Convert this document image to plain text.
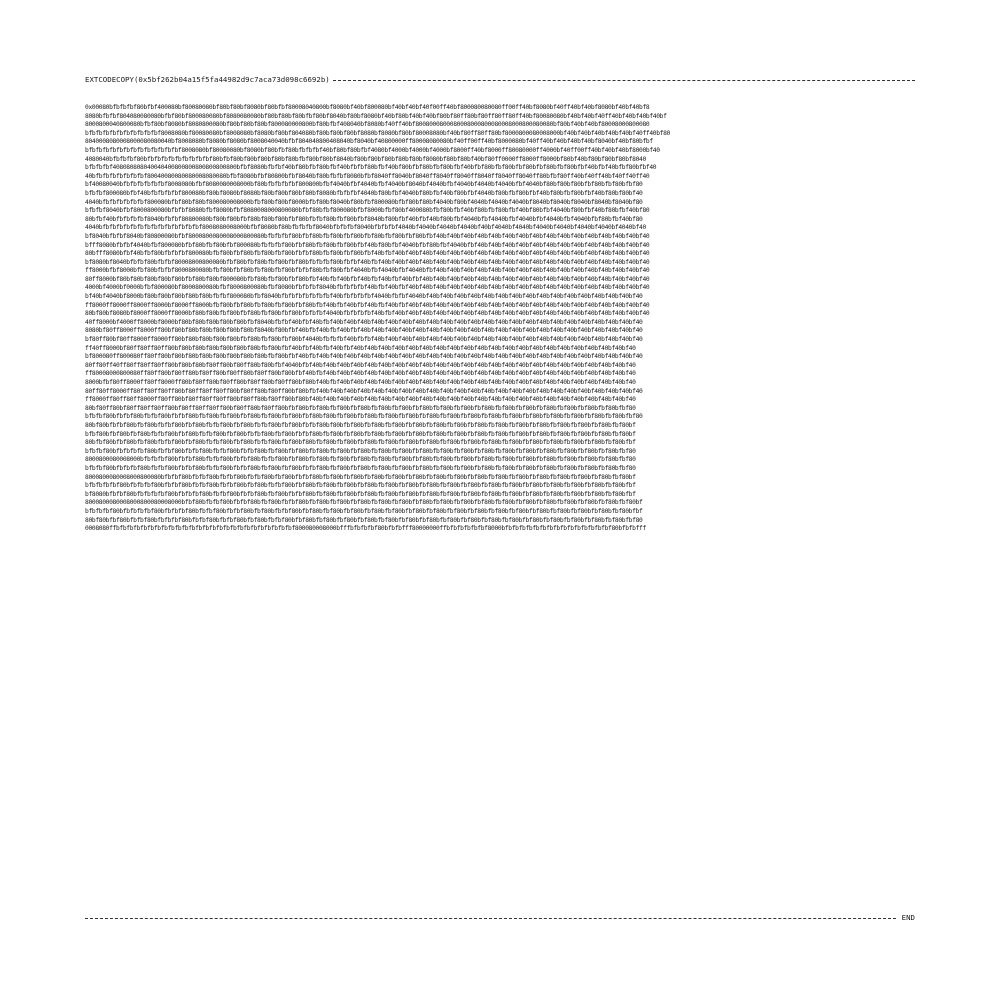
EXTCODECOPY(0x5bf262b04a15f5fa44982d9c7aca73d098c6692b)
0x00080bfbfbfbf80bfbf400080bf80080080bf80bf80bf8080bf80bfbf80008040800bf8080bf40bf800080bf40bf40bf40f00ff40bf800080080080ff00ff40bf8080bf40ff40bf40bf8080bf40bf40bf8
8080bfbfbf804080080080bfbf80bf800080080bf8080080080bf80bf80bf80bfbf80bf8040bf80bf8080bf40bf80bf40bf40bf80bf80ff80bf80ff80ff80ff40bf80080080bf40bf40bf40ff40bf40bf40bf40bf
8000800040800080bfbf80bf8080bf8080800080bf80bf80bf80bf800080000800bf80bfbf408040bf8080bf40ff40bf8008000800080008000800080008000800080080bf80bf40bf40bf80008000800080
bfbfbfbfbfbfbfbfbfbfbf8008080bf80080080bf8008080bf8080bf80bf804080bf80bf80bf80bf8080bf8080bf80bf80008080bf40bf80ff80ff80bf8000800080008000bf40bf40bf40bf40bf40bf40ff40bf80
8040008080008000080080040bf8008080bf8080bf8080bf8008040040bfbf804040800408040bf8040bf40800000ff80008080080bf40ff00ff40bf8000080bf40ff40bf40bf40bf40bf8040bf40bf80bfbf
bfbfbfbfbfbfbfbfbfbfbfbfbfbf8008080bf80080080bf8080bf80bfbf80bfbfbfbf40bf80bf80bfbf4080bf4000bf4000bf4000bf8000ff40bf8000ff80080000ff4000bf40ff00ff40bf40bf40bf8000bf40
4080040bfbfbfbf80bfbfbfbfbfbfbfbfbfbf80bfbf80bf80bf80bf80bf80bfbf80bf80bf8040bf80bf80bf80bf80bf80bf8080bf80bf80bf40bf80ff0000ff8000ff8000bf80bf40bf80bf80bf80bf8040
bfbfbfbf408080808040040400800800800800800800bfbf8080bfbfbf40bf80bfbf80bfbf40bfbfbf80bfbf40bf80bfbf80bfbf80bfbf40bfbf80bfbf80bfbf80bfbf80bfbf80bfbf40bfbf40bfbf80bfbf40
40bfbfbfbfbfbfbfbf80040080080080008080080bfbf8080bfbf80800bfbf8040bf80bfbfbf8080bfbf8040ff8040bf8040ff8040ff8040ff8040ff8040ff8040ff80bfbf80ff40bf40ff40bf40ff40ff40
bf40080040bfbfbfbfbfbfbf8008080bfbf8080080008000bf80bfbfbfbfbf800800bfbf4040bfbf4040bfbf4040bf8040bf4040bfbf4040bf4040bf4040bfbf4040bf80bf80bf80bfbf80bfbf80bfbf80
bfbfbf800080bfbf40bfbfbfbfbf800080bf80bf8080bf8080bf80bf80bf80bf80bf8080bfbfbfbf4040bf80bfbf4040bf80bfbf40bf80bfbf4040bf80bfbf80bfbf40bf80bfbf80bfbf40bf80bf80bf40
4040bfbfbfbfbfbfbf800080bfbf80bf80bf800080008000bfbf80bf80bf8000bfbf80bf8040bf80bfbf800080bfbf80bf80bf4040bf80bf4040bf4040bf4040bf8040bf8040bf8040bf8040bf8040bf80
bfbfbf8040bfbf8000800080bfbfbf8080bfbf8080bfbf8080008000800080bfbf80bfbf800080bfbf8000bfbf80bf400080bfbf80bfbf40bf80bfbf80bfbf40bf80bfbf4040bf80bfbf40bf80bfbf40bf80
80bfbf40bfbfbfbfbf8040bfbfbf80800080bf80bf80bfbf80bf80bf80bfbf80bfbfbf80bfbf80bfbf8040bf80bfbf40bfbf40bf80bfbf4040bfbf4040bfbf4040bfbf4040bfbf4040bfbf80bfbf40bf80
4040bfbfbfbfbfbfbfbfbfbfbfbfbfbfbf8008080008000bfbf8080bf80bfbfbfbf8040bfbfbfbf8040bfbfbfbf4040bf4040bf4040bf4040bf40bf4040bf4040bf4040bf4040bf4040bf4040bf4040bf40
bf8040bfbfbf8040bf80800080bfbf8000800080008000800080bfbfbfbf80bfbf80bfbf80bfbf80bfbf80bfbf80bfbf80bfbf40bf40bf40bf40bf40bf40bf40bf40bf40bf40bf40bf40bf40bf40bf40bf40
bfff8080bfbfbf4040bfbf800080bfbf80bfbf80bfbf800080bfbfbfbf80bfbf80bfbf80bfbf80bfbf40bf80bfbf4040bfbf80bfbf4040bfbf40bf40bf40bf40bf40bf40bf40bf40bf40bf40bf40bf40bf40
80bfff8080bfbf40bfbf80bfbfbfbf800080bfbf80bfbf80bfbf80bfbf80bfbfbf80bfbf80bfbf80bfbf40bfbf40bf40bf40bf40bf40bf40bf40bf40bf40bf40bf40bf40bf40bf40bf40bf40bf40bf40bf40
bf8080bf8040bfbfbf80bfbfbf80008000800080bfbf80bfbf80bfbf80bfbf80bfbfbfbf80bfbfbf40bfbf40bf40bf40bf40bf40bf40bf40bf40bf40bf40bf40bf40bf40bf40bf40bf40bf40bf40bf40bf40
ff8000bfbf8000bfbf80bfbfbf8000800080bfbf80bfbf80bfbf80bfbf80bfbfbf80bfbf80bfbf4040bfbf4040bfbf4040bfbf40bf40bf40bf40bf40bf40bf40bf40bf40bf40bf40bf40bf40bf40bf40bf40
80ff8000bf80bf80bf80bf80bf80bfbf80bf80bf800080bfbf80bfbf80bfbf80bfbf40bfbf40bfbf40bfbf40bfbf40bfbf40bf40bf40bf40bf40bf40bf40bf40bf40bf40bf40bf40bf40bf40bf40bf40bf40
4000bf4000bf0000bfbf800080bf8000800080bfbf8000800080bfbf8080bfbfbfbf8040bfbfbfbfbf40bfbf40bfbf40bf40bf40bf40bf40bf40bf40bf40bf40bf40bf40bf40bf40bf40bf40bf40bf40bf40
bf40bf4040bf8000bf80bf80bf80bf80bf80bfbfbf800080bfbf8040bfbfbfbfbfbfbfbf40bfbfbfbfbf4040bfbfbf4040bf40bf40bf40bf40bf40bf40bf40bf40bf40bf40bf40bf40bf40bf40bf40bf40
ff8000ff8000ff8000ff8000bf8000ff8000bfbf80bfbf80bfbf80bfbf80bfbf80bfbf40bfbf40bfbf40bfbf40bfbf40bf40bf40bf40bf40bf40bf40bf40bf40bf40bf40bf40bf40bf40bf40bf40bf40bf40
80bf80bf8080bf8000ff8000ff8000bf80bf80bfbf80bfbf80bfbf80bfbf80bfbfbfbf4040bfbfbfbfbf40bfbf40bf40bf40bf40bf40bf40bf40bf40bf40bf40bf40bf40bf40bf40bf40bf40bf40bf40bf40
40ff8000bf4000ff8000bf8000bf80bf80bf80bf80bf80bfbf8040bfbfbf40bfbf40bfbf40bf40bf40bf40bf40bf40bf40bf40bf40bf40bf40bf40bf40bf40bf40bf40bf40bf40bf40bf40bf40bf40bf40
8080bf80ff8000ff8000ff80bf80bf80bf80bf80bf80bf80bf8040bf80bfbf40bfbf40bfbf40bfbf40bf40bf40bf40bf40bf40bf40bf40bf40bf40bf40bf40bf40bf40bf40bf40bf40bf40bf40bf40bf40
bf80ff80bf80ff8000ff8000ff80bf80bf80bf80bf80bfbf80bfbf80bfbf80bf4040bfbfbfbf40bfbfbf40bf40bf40bf40bf40bf40bf40bf40bf40bf40bf40bf40bf40bf40bf40bf40bf40bf40bf40bf40
ff40ff8000bf80ff80ff80ff80bf80bf80bf80bf80bf80bf80bfbf80bfbf40bfbf40bfbf40bfbf40bf40bf40bf40bf40bf40bf40bf40bf40bf40bf40bf40bf40bf40bf40bf40bf40bf40bf40bf40bf40
bf800080ff800080ff80ff80bf80bf80bf80bf80bf80bf80bf80bfbf80bfbf40bfbf40bf40bf40bf40bf40bf40bf40bf40bf40bf40bf40bf40bf40bf40bf40bf40bf40bf40bf40bf40bf40bf40bf40bf40
80ff80ff40ff80ff80ff80ff80bf80bf80bf80ff80bf80ff80bf80bfbf4040bfbf40bf40bf40bf40bf40bf40bf40bf40bf40bf40bf40bf40bf40bf40bf40bf40bf40bf40bf40bf40bf40bf40bf40bf40
ff80008000800080ff80ff80bf80ff80bf80ff80bf80ff80bf80ff80bf80bfbf40bfbf40bf40bf40bf40bf40bf40bf40bf40bf40bf40bf40bf40bf40bf40bf40bf40bf40bf40bf40bf40bf40bf40bf40
8000bfbf80ff8000ff80ff8000ff80bf80ff80bf80ff80bf80ff80bf80ff80bf80bf40bfbf40bf40bf40bf40bf40bf40bf40bf40bf40bf40bf40bf40bf40bf40bf40bf40bf40bf40bf40bf40bf40bf40
80ff80ff8000ff80ff80ff80ff80bf80ff80ff80ff80bf80ff80bf80ff80bf80bfbf40bf40bf40bf40bf40bf40bf40bf40bf40bf40bf40bf40bf40bf40bf40bf40bf40bf40bf40bf40bf40bf40bf40bf40
ff8000ff80ff80ff8000ff80ff80bf80ff80ff80ff80bf80ff80bf80ff80bf80bf40bf40bf40bf40bf40bf40bf40bf40bf40bf40bf40bf40bf40bf40bf40bf40bf40bf40bf40bf40bf40bf40bf40bf40
80bf80ff80bf80ff80ff80ff80bf80ff80ff80ff80bf80ff80bf80ff80bfbf80bfbf80bfbf80bfbf80bfbf80bfbf80bfbf80bfbf80bfbf80bfbf80bfbf80bfbf80bfbf80bfbf80bfbf80bfbf80bfbf80
bfbfbf80bfbfbf80bfbfbf80bfbfbf80bfbf80bfbf80bfbf80bfbf80bfbf80bfbf80bf80bfbf80bfbf80bfbf80bfbf80bfbf80bfbf80bfbf80bfbf80bfbf80bfbf80bfbf80bfbf80bfbf80bfbf80bfbf80
80bf80bfbfbf80bfbf80bfbfbf80bfbf80bfbfbf80bfbf80bfbfbf80bfbf80bfbfbf80bf80bfbf80bfbf80bfbf80bfbf80bfbf80bfbf80bfbf80bfbf80bfbf80bfbf80bfbf80bfbf80bfbf80bfbf80bf
bfbf80bfbf80bfbf80bfbfbf80bfbf80bfbfbf80bfbf80bfbfbf80bfbf80bfbfbf80bfbf80bfbf80bfbf80bfbf80bfbf80bfbf80bfbf80bfbf80bfbf80bfbf80bfbf80bfbf80bfbf80bfbf80bfbf80bf
80bfbf80bfbf80bfbf80bfbfbf80bfbf80bfbfbf80bfbf80bfbfbf80bfbf80bf80bfbf80bfbf80bfbf80bfbf80bfbf80bfbf80bfbf80bfbf80bfbf80bfbf80bfbf80bfbf80bfbf80bfbf80bfbf80bfbf
bfbfbf80bfbfbfbfbf80bfbfbf80bfbfbf80bfbfbf80bfbfbf80bfbf80bfbf80bfbf80bfbf80bfbf80bfbf80bfbf80bfbf80bfbf80bfbf80bfbf80bfbf80bfbf80bfbf80bfbf80bfbf80bfbf80bfbf80
8000800080008000bfbfbfbf80bfbfbf80bfbfbf80bfbfbf80bfbfbf80bfbf80bfbf80bfbf80bfbf80bfbf80bfbf80bfbf80bfbf80bfbf80bfbf80bfbf80bfbf80bfbf80bfbf80bfbf80bfbf80bfbf80
bfbfbf80bfbfbfbf80bfbfbf80bfbfbf80bfbfbf80bfbfbf80bfbf80bfbf80bfbfbf80bfbf80bfbf80bfbf80bfbf80bfbf80bfbf80bfbf80bfbf80bfbf80bfbf80bfbf80bfbf80bfbf80bfbf80bfbf80
8000800080008000800080bfbfbf80bfbfbf80bfbfbf80bfbfbf80bfbf80bfbfbf80bfbf80bfbf80bfbf80bfbf80bfbf80bfbf80bfbf80bfbf80bfbf80bfbf80bfbf80bfbf80bfbf80bfbf80bfbf80bf
bfbfbfbfbf80bfbfbfbf80bfbfbf80bfbfbf80bfbfbf80bfbf80bfbfbf80bfbf80bfbf80bfbf80bfbf80bfbf80bfbf80bfbf80bfbf80bfbf80bfbf80bfbf80bfbf80bfbf80bfbf80bfbf80bfbf80bfbf
bf8080bfbfbf80bfbfbfbfbf80bfbfbfbf80bfbfbf80bfbfbf80bfbf80bfbfbf80bfbf80bfbf80bfbf80bfbf80bfbf80bfbf80bfbf80bfbf80bfbf80bfbf80bfbf80bfbf80bfbf80bfbf80bfbf80bfbf
8000800080008000800080008000bfbf80bfbfbf80bfbfbf80bfbf80bfbfbf80bfbf80bfbf80bfbf80bfbf80bfbf80bfbf80bfbf80bfbf80bfbf80bfbf80bfbf80bfbf80bfbf80bfbf80bfbf80bfbf80bf
bfbfbfbf80bfbfbfbfbf80bfbfbfbf80bfbfbf80bfbfbf80bfbf80bfbfbf80bfbf80bfbf80bfbf80bfbf80bfbf80bfbf80bfbf80bfbf80bfbf80bfbf80bfbf80bfbf80bfbf80bfbf80bfbf80bfbf80bfbf
80bf80bfbf80bfbfbf80bfbfbfbf80bfbfbf80bfbfbf80bfbf80bfbfbf80bfbf80bfbf80bfbf80bfbf80bfbf80bfbf80bfbf80bfbf80bfbf80bfbf80bfbf80bfbf80bfbf80bfbf80bfbf80bfbf80bfbf80
0008080ffbfbfbfbfbfbfbfbfbfbfbfbfbfbfbfbfbfbfbfbfbfbfbfbfbfbf800080008000bfffbfbfbfbf80bfbfbfff80000000ffbfbfbfbfbfbf8000bfbfbfbfbfbfbfbfbfbfbfbfbfbfbfbf80bfbfbfff
END
